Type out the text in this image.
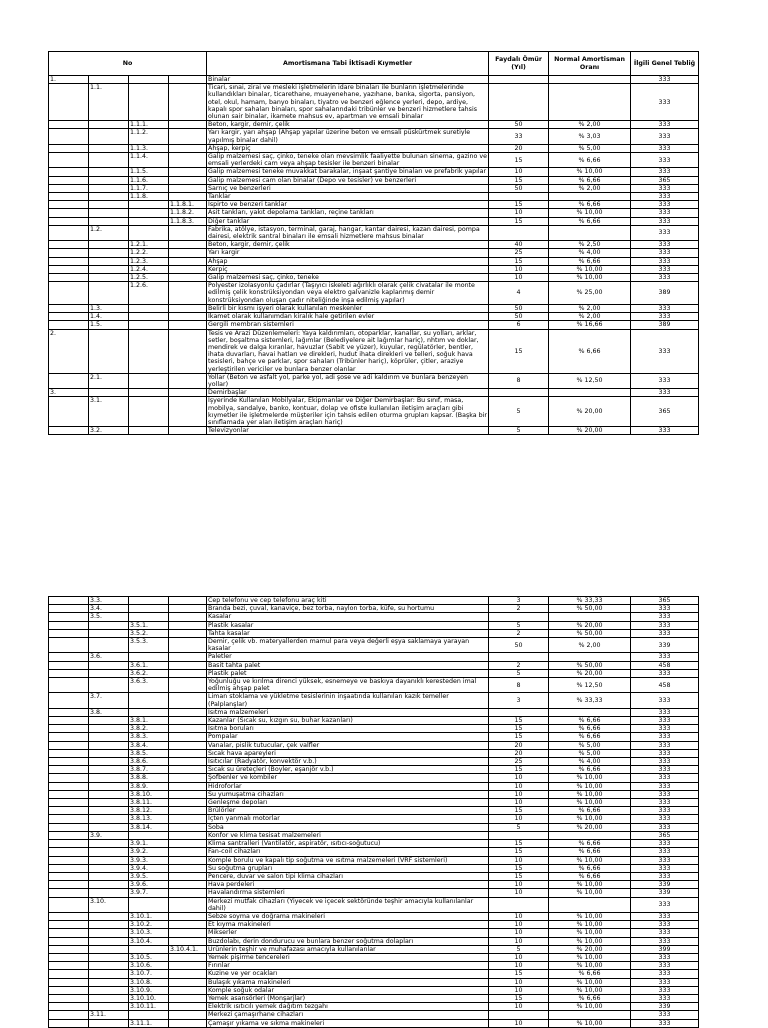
No				Amortismana Tabi İktisadi Kıymetler	Faydalı Ömür (Yıl)	Normal Amortisman Oranı	İlgili Genel Tebliğ
1.				Binalar			333
	1.1.			Ticari, sınai, zirai ve mesleki işletmelerin idare binaları ile bunların işletmelerinde kullandıkları binalar, ticarethane, muayenehane, yazıhane, banka, sigorta, pansiyon, otel, okul, hamam, banyo binaları, tiyatro ve benzeri eğlence yerleri, depo, ardiye, kapalı spor sahaları binaları, spor sahalarındaki tribünler ve benzeri hizmetlere tahsis olunan sair binalar, ikamete mahsus ev, apartman ve emsali binalar			333
		1.1.1.		Beton, kargir, demir, çelik	50	% 2,00	333
		1.1.2.		Yarı kargir, yarı ahşap (Ahşap yapılar üzerine beton ve emsali püskürtmek suretiyle yapılmış binalar dahil)	33	% 3,03	333
		1.1.3.		Ahşap, kerpiç	20	% 5,00	333
		1.1.4.		Galip malzemesi saç, çinko, teneke olan mevsimlik faaliyette bulunan sinema, gazino ve emsali yerlerdeki cam veya ahşap tesisler ile benzeri binalar	15	% 6,66	333
		1.1.5.		Galip malzemesi teneke muvakkat barakalar, inşaat şantiye binaları ve prefabrik yapılar	10	% 10,00	333
		1.1.6.		Galip malzemesi cam olan binalar (Depo ve tesisler) ve benzerleri	15	% 6,66	365
		1.1.7.		Sarnıç ve benzerleri	50	% 2,00	333
		1.1.8.		Tanklar			333
			1.1.8.1.	İspirto ve benzeri tanklar	15	% 6,66	333
			1.1.8.2.	Asit tankları, yakıt depolama tankları, reçine tankları	10	% 10,00	333
			1.1.8.3.	Diğer tanklar	15	% 6,66	333
	1.2.			Fabrika, atölye, istasyon, terminal, garaj, hangar, kantar dairesi, kazan dairesi, pompa dairesi, elektrik santral binaları ile emsali hizmetlere mahsus binalar			333
		1.2.1.		Beton, kargir, demir, çelik	40	% 2,50	333
		1.2.2.		Yarı kargir	25	% 4,00	333
		1.2.3.		Ahşap	15	% 6,66	333
		1.2.4.		Kerpiç	10	% 10,00	333
		1.2.5.		Galip malzemesi saç, çinko, teneke	10	% 10,00	333
		1.2.6.		Polyester izolasyonlu çadırlar (Taşıyıcı iskeleti ağırlıklı olarak çelik civatalar ile monte edilmiş çelik konstrüksiyondan veya elektro galvanizle kaplanmış demir konstrüksiyondan oluşan çadır niteliğinde inşa edilmiş yapılar)	4	% 25,00	389
	1.3.			Belirli bir kısmı işyeri olarak kullanılan meskenler	50	% 2,00	333
	1.4.			İkamet olarak kullanımdan kiralık hale getirilen evler	50	% 2,00	333
	1.5.			Gergili membran sistemleri	6	% 16,66	389
2.				Tesis ve Arazi Düzenlemeleri: Yaya kaldırımları, otoparklar, kanallar, su yolları, arklar, setler, boşaltma sistemleri, lağımlar (Belediyelere ait lağımlar hariç), nhtım ve doklar, mendirek ve dalga kıranlar, havuzlar (Sabit ve yüzer), kuyular, regülatörler, bentler, ihata duvarları, havai hatları ve direkleri, hudut ihata direkleri ve telleri, soğuk hava tesisleri, bahçe ve parklar, spor sahaları (Tribünler hariç), köprüler, çitler, araziye yerleştirilen vericiler ve bunlara benzer olanlar	15	% 6,66	333
	2.1.			Yollar (Beton ve asfalt yol, parke yol, adi şose ve adi kaldırım ve bunlara benzeyen yollar)	8	% 12,50	333
3.				Demirbaşlar			333
	3.1.			İşyerinde Kullanılan Mobilyalar, Ekipmanlar ve Diğer Demirbaşlar: Bu sınıf, masa, mobilya, sandalye, banko, kontuar, dolap ve ofiste kullanılan iletişim araçları gibi kıymetler ile işletmelerde müşteriler için tahsis edilen oturma grupları kapsar. (Başka bir sınıflamada yer alan iletişim araçları hariç)	5	% 20,00	365
	3.2.			Televizyonlar	5	% 20,00	333
	3.3.			Cep telefonu ve cep telefonu araç kiti	3	% 33,33	365
	3.4.			Branda bezi, çuval, kanaviçe, bez torba, naylon torba, küfe, su hortumu	2	% 50,00	333
	3.5.			Kasalar			333
		3.5.1.		Plastik kasalar	5	% 20,00	333
		3.5.2.		Tahta kasalar	2	% 50,00	333
		3.5.3.		Demir, çelik vb. materyallerden mamul para veya değerli eşya saklamaya yarayan kasalar	50	% 2,00	339
	3.6.			Paletler			333
		3.6.1.		Basit tahta palet	2	% 50,00	458
		3.6.2.		Plastik palet	5	% 20,00	333
		3.6.3.		Yoğunluğu ve kırılma direnci yüksek, esnemeye ve baskıya dayanıklı keresteden imal edilmiş ahşap palet	8	% 12,50	458
	3.7.			Liman stoklama ve yükletme tesislerinin inşaatında kullanılan kazık temeller (Palplanşlar)	3	% 33,33	333
	3.8.			Isıtma malzemeleri			333
		3.8.1.		Kazanlar (Sıcak su, kızgın su, buhar kazanları)	15	% 6,66	333
		3.8.2.		Isıtma boruları	15	% 6,66	333
		3.8.3.		Pompalar	15	% 6,66	333
		3.8.4.		Vanalar, pislik tutucular, çek valfler	20	% 5,00	333
		3.8.5.		Sıcak hava apareyleri	20	% 5,00	333
		3.8.6.		Isıtıcılar (Radyatör, konvektör v.b.)	25	% 4,00	333
		3.8.7.		Sıcak su üreteçleri (Boyler, eşanjör v.b.)	15	% 6,66	333
		3.8.8.		Şofbenler ve kombiler	10	% 10,00	333
		3.8.9.		Hidroforlar	10	% 10,00	333
		3.8.10.		Su yumuşatma cihazları	10	% 10,00	333
		3.8.11.		Genleşme depoları	10	% 10,00	333
		3.8.12.		Brülörler	15	% 6,66	333
		3.8.13.		İçten yanmalı motorlar	10	% 10,00	333
		3.8.14.		Soba	5	% 20,00	333
	3.9.			Konfor ve klima tesisat malzemeleri			365
		3.9.1.		Klima santralleri (Vantilatör, aspiratör, ısıtıcı-soğutucu)	15	% 6,66	333
		3.9.2.		Fan-coil cihazları	15	% 6,66	333
		3.9.3.		Komple borulu ve kapalı tip soğutma ve ısıtma malzemeleri (VRF sistemleri)	10	% 10,00	333
		3.9.4.		Su soğutma grupları	15	% 6,66	333
		3.9.5.		Pencere, duvar ve salon tipi klima cihazları	15	% 6,66	333
		3.9.6.		Hava perdeleri	10	% 10,00	339
		3.9.7.		Havalandırma sistemleri	10	% 10,00	339
	3.10.			Merkezi mutfak cihazları (Yiyecek ve içecek sektöründe teşhir amacıyla kullanılanlar dahil)			333
		3.10.1.		Sebze soyma ve doğrama makineleri	10	% 10,00	333
		3.10.2.		Et kıyma makineleri	10	% 10,00	333
		3.10.3.		Mikserler	10	% 10,00	333
		3.10.4.		Buzdolabı, derin dondurucu ve bunlara benzer soğutma dolapları	10	% 10,00	333
			3.10.4.1.	Ürünlerin teşhir ve muhafazası amacıyla kullanılanlar	5	% 20,00	399
		3.10.5.		Yemek pişirme tencereleri	10	% 10,00	333
		3.10.6.		Fırınlar	10	% 10,00	333
		3.10.7.		Kuzine ve yer ocakları	15	% 6,66	333
		3.10.8.		Bulaşık yıkama makineleri	10	% 10,00	333
		3.10.9.		Komple soğuk odalar	10	% 10,00	333
		3.10.10.		Yemek asansörleri (Monşarjlar)	15	% 6,66	333
		3.10.11.		Elektrik ısıtıcılı yemek dağıtım tezgahı	10	% 10,00	339
	3.11.			Merkezi çamaşırhane cihazları			333
		3.11.1.		Çamaşır yıkama ve sıkma makineleri	10	% 10,00	333
